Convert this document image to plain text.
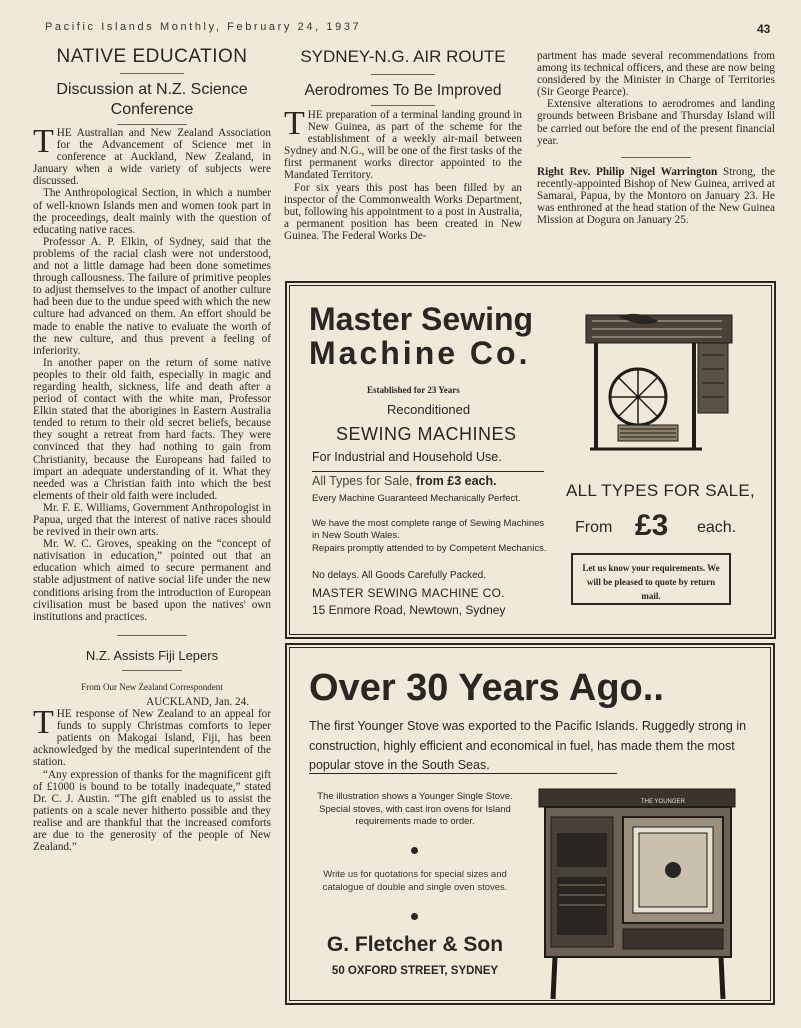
Pacific Islands Monthly, February 24, 1937	43
NATIVE EDUCATION
Discussion at N.Z. Science
Conference

THE Australian and New Zealand Association for the Advancement of Science met in conference at Auckland, New Zealand, in January when a wide variety of subjects were discussed.

The Anthropological Section, in which a number of well-known Islands men and women took part in the proceedings, dealt mainly with the question of educating native races.

Professor A. P. Elkin, of Sydney, said that the problems of the racial clash were not understood, and not a little damage had been done sometimes through callousness. The failure of primitive peoples to adjust themselves to the impact of another culture had been due to the undue speed with which the new culture had advanced on them. An effort should be made to enable the native to evaluate the worth of the new culture, and thus prevent a feeling of inferiority.

In another paper on the return of some native peoples to their old faith, especially in magic and regarding health, sickness, life and death after a period of contact with the white man, Professor Elkin stated that the aborigines in Eastern Australia tended to return to their old secret beliefs, because they sought a retreat from hard facts. They were convinced that they had nothing to gain from Christianity, because the Europeans had failed to impart an adequate understanding of it. What they needed was a Christian faith into which the best elements of their old faith were included.

Mr. F. E. Williams, Government Anthropologist in Papua, urged that the interest of native races should be revived in their own arts.

Mr. W. C. Groves, speaking on the “concept of nativisation in education,” pointed out that an education which aimed to secure permanent and stable adjustment of native social life under the new conditions arising from the introduction of European civilisation must be based upon the natives' own institutions and practices.

N.Z. Assists Fiji Lepers
From Our New Zealand Correspondent
AUCKLAND, Jan. 24.

THE response of New Zealand to an appeal for funds to supply Christmas comforts to leper patients on Makogai Island, Fiji, has been acknowledged by the medical superintendent of the station.

“Any expression of thanks for the magnificent gift of £1000 is bound to be totally inadequate,” stated Dr. C. J. Austin. “The gift enabled us to assist the patients on a scale never hitherto possible and they realise and are thankful that the increased comforts are due to the generosity of the people of New Zealand.”

SYDNEY-N.G. AIR ROUTE
Aerodromes To Be Improved

THE preparation of a terminal landing ground in New Guinea, as part of the scheme for the establishment of a weekly air-mail between Sydney and N.G., will be one of the first tasks of the first permanent works director appointed to the Mandated Territory.

For six years this post has been filled by an inspector of the Commonwealth Works Department, but, following his appointment to a post in Australia, a permanent position has been created in New Guinea. The Federal Works De-

partment has made several recommendations from among its technical officers, and these are now being considered by the Minister in Charge of Territories (Sir George Pearce).

Extensive alterations to aerodromes and landing grounds between Brisbane and Thursday Island will be carried out before the end of the present financial year.

Right Rev. Philip Nigel Warrington Strong, the recently-appointed Bishop of New Guinea, arrived at Samarai, Papua, by the Montoro on January 23. He was enthroned at the head station of the New Guinea Mission at Dogura on January 25.

Master Sewing
Machine Co.
Established for 23 Years
Reconditioned
SEWING MACHINES
For Industrial and Household Use.
All Types for Sale, from £3 each.
Every Machine Guaranteed Mechanically Perfect.
We have the most complete range of Sewing Machines in New South Wales.
Repairs promptly attended to by Competent Mechanics.
No delays. All Goods Carefully Packed.
MASTER SEWING MACHINE CO.
15 Enmore Road, Newtown, Sydney
ALL TYPES FOR SALE,
From £3 each.
Let us know your requirements. We will be pleased to quote by return mail.
Over 30 Years Ago..
The first Younger Stove was exported to the Pacific Islands. Ruggedly strong in construction, highly efficient and economical in fuel, has made them the most popular stove in the South Seas.
The illustration shows a Younger Single Stove. Special stoves, with cast iron ovens for Island requirements made to order.
Write us for quotations for special sizes and catalogue of double and single oven stoves.
G. Fletcher & Son
50 OXFORD STREET, SYDNEY
THE YOUNGER
